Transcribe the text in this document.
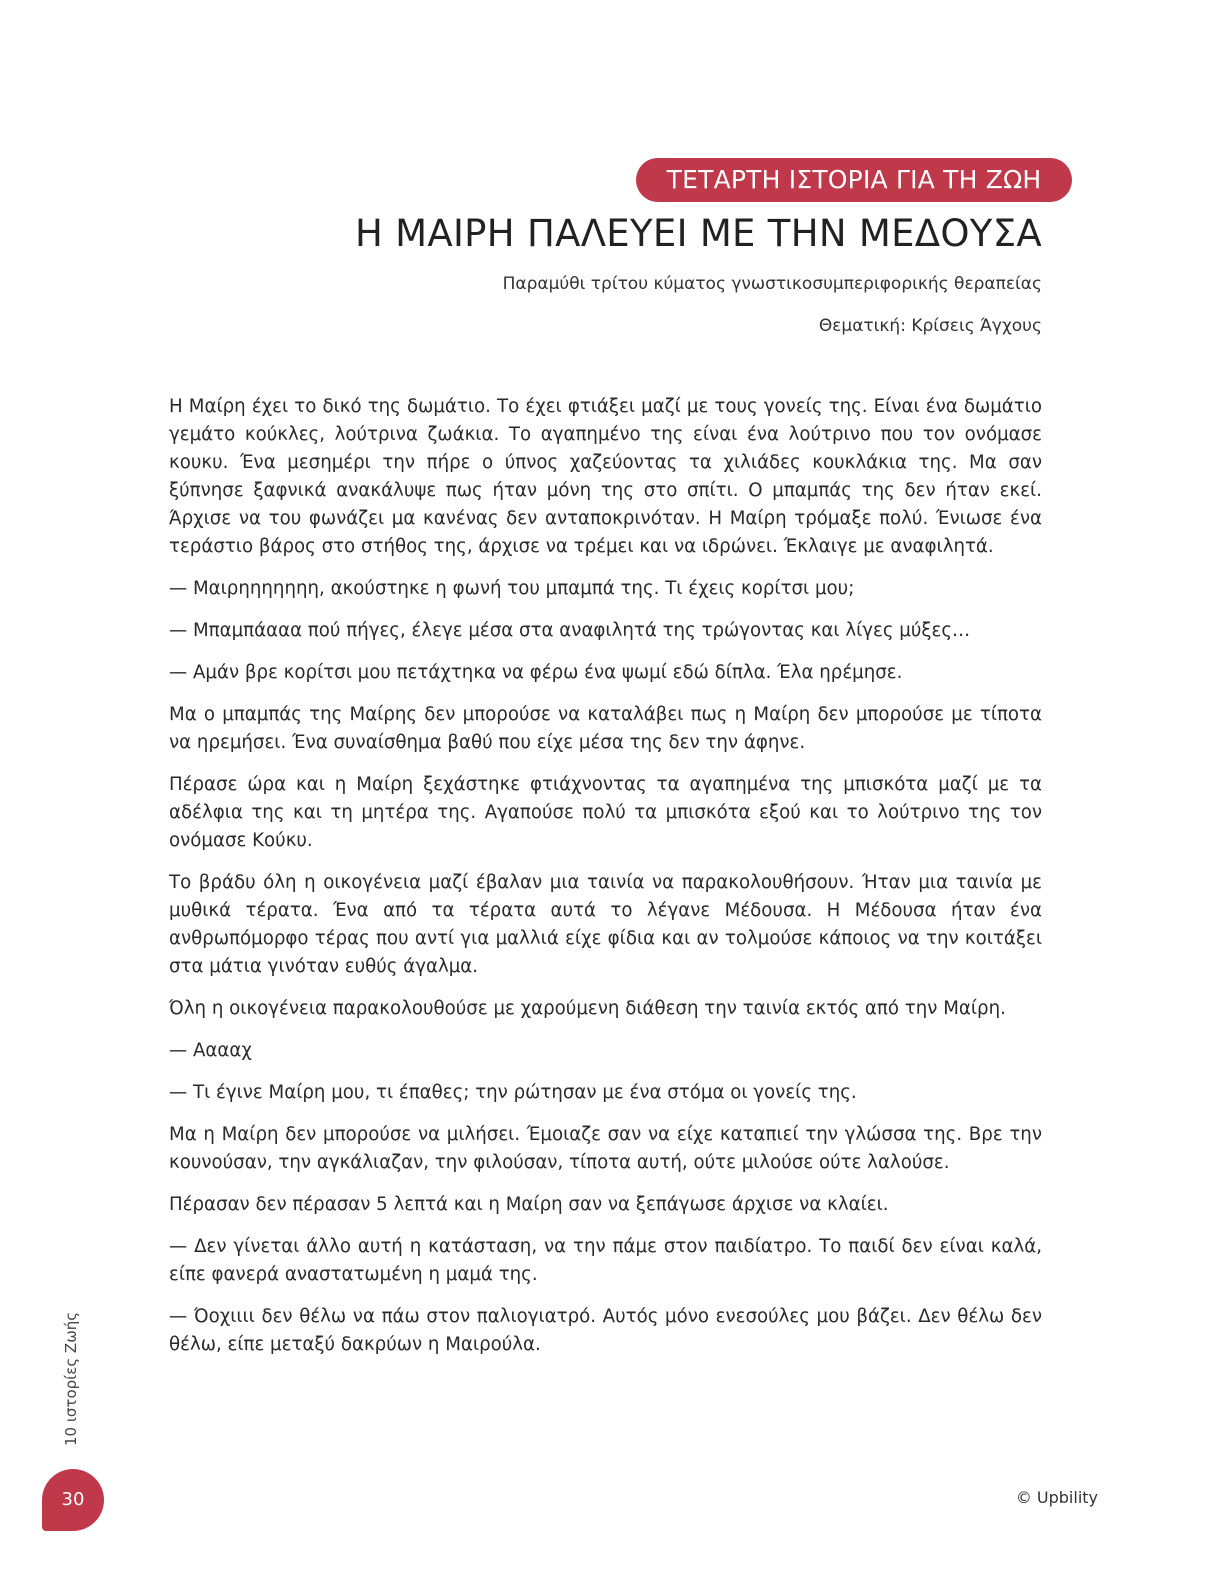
ΤΕΤΑΡΤΗ ΙΣΤΟΡΙΑ ΓΙΑ ΤΗ ΖΩΗ
Η ΜΑΙΡΗ ΠΑΛΕΥΕΙ ΜΕ ΤΗΝ ΜΕΔΟΥΣΑ
Παραμύθι τρίτου κύματος γνωστικοσυμπεριφορικής θεραπείας
Θεματική: Κρίσεις Άγχους

Η Μαίρη έχει το δικό της δωμάτιο. Το έχει φτιάξει μαζί με τους γονείς της. Είναι ένα δωμάτιο γεμάτο κούκλες, λούτρινα ζωάκια. Το αγαπημένο της είναι ένα λούτρινο που τον ονόμασε κουκυ. Ένα μεσημέρι την πήρε ο ύπνος χαζεύοντας τα χιλιάδες κουκλάκια της. Μα σαν ξύπνησε ξαφνικά ανακάλυψε πως ήταν μόνη της στο σπίτι. Ο μπαμπάς της δεν ήταν εκεί. Άρχισε να του φωνάζει μα κανένας δεν ανταποκρινόταν. Η Μαίρη τρόμαξε πολύ. Ένιωσε ένα τεράστιο βάρος στο στήθος της, άρχισε να τρέμει και να ιδρώνει. Έκλαιγε με αναφιλητά.

— Μαιρηηηηηηη, ακούστηκε η φωνή του μπαμπά της. Τι έχεις κορίτσι μου;

— Μπαμπάααα πού πήγες, έλεγε μέσα στα αναφιλητά της τρώγοντας και λίγες μύξες…

— Αμάν βρε κορίτσι μου πετάχτηκα να φέρω ένα ψωμί εδώ δίπλα. Έλα ηρέμησε.

Μα ο μπαμπάς της Μαίρης δεν μπορούσε να καταλάβει πως η Μαίρη δεν μπορούσε με τίποτα να ηρεμήσει. Ένα συναίσθημα βαθύ που είχε μέσα της δεν την άφηνε.

Πέρασε ώρα και η Μαίρη ξεχάστηκε φτιάχνοντας τα αγαπημένα της μπισκότα μαζί με τα αδέλφια της και τη μητέρα της. Αγαπούσε πολύ τα μπισκότα εξού και το λούτρινο της τον ονόμασε Κούκυ.

Το βράδυ όλη η οικογένεια μαζί έβαλαν μια ταινία να παρακολουθήσουν. Ήταν μια ταινία με μυθικά τέρατα. Ένα από τα τέρατα αυτά το λέγανε Μέδουσα. Η Μέδουσα ήταν ένα ανθρωπόμορφο τέρας που αντί για μαλλιά είχε φίδια και αν τολμούσε κάποιος να την κοιτάξει στα μάτια γινόταν ευθύς άγαλμα.

Όλη η οικογένεια παρακολουθούσε με χαρούμενη διάθεση την ταινία εκτός από την Μαίρη.

— Ααααχ

— Τι έγινε Μαίρη μου, τι έπαθες; την ρώτησαν με ένα στόμα οι γονείς της.

Μα η Μαίρη δεν μπορούσε να μιλήσει. Έμοιαζε σαν να είχε καταπιεί την γλώσσα της. Βρε την κουνούσαν, την αγκάλιαζαν, την φιλούσαν, τίποτα αυτή, ούτε μιλούσε ούτε λαλούσε.

Πέρασαν δεν πέρασαν 5 λεπτά και η Μαίρη σαν να ξεπάγωσε άρχισε να κλαίει.

— Δεν γίνεται άλλο αυτή η κατάσταση, να την πάμε στον παιδίατρο. Το παιδί δεν είναι καλά, είπε φανερά αναστατωμένη η μαμά της.

— Όοχιιιι δεν θέλω να πάω στον παλιογιατρό. Αυτός μόνο ενεσούλες μου βάζει. Δεν θέλω δεν θέλω, είπε μεταξύ δακρύων η Μαιρούλα.

10 ιστορίες Ζωής
30	© Upbility
